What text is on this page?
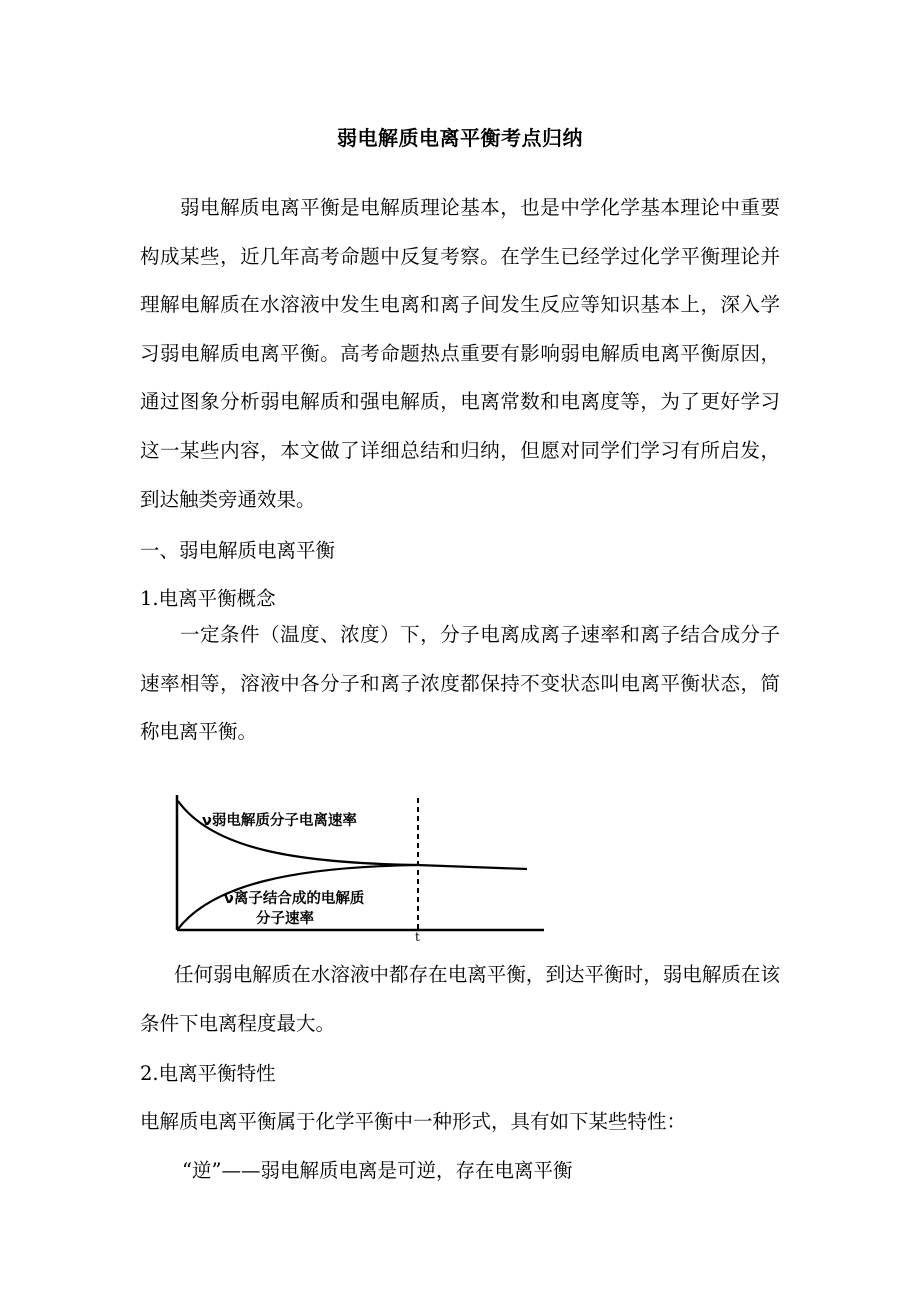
弱电解质电离平衡考点归纳

弱电解质电离平衡是电解质理论基本，也是中学化学基本理论中重要构成某些，近几年高考命题中反复考察。在学生已经学过化学平衡理论并理解电解质在水溶液中发生电离和离子间发生反应等知识基本上，深入学习弱电解质电离平衡。高考命题热点重要有影响弱电解质电离平衡原因，通过图象分析弱电解质和强电解质，电离常数和电离度等，为了更好学习这一某些内容，本文做了详细总结和归纳，但愿对同学们学习有所启发，到达触类旁通效果。

一、弱电解质电离平衡
1.电离平衡概念

一定条件（温度、浓度）下，分子电离成离子速率和离子结合成分子速率相等，溶液中各分子和离子浓度都保持不变状态叫电离平衡状态，简称电离平衡。

ν弱电解质分子电离速率
ν离子结合成的电解质
分子速率
t

任何弱电解质在水溶液中都存在电离平衡，到达平衡时，弱电解质在该条件下电离程度最大。

2.电离平衡特性
电解质电离平衡属于化学平衡中一种形式，具有如下某些特性：
“逆”——弱电解质电离是可逆，存在电离平衡
